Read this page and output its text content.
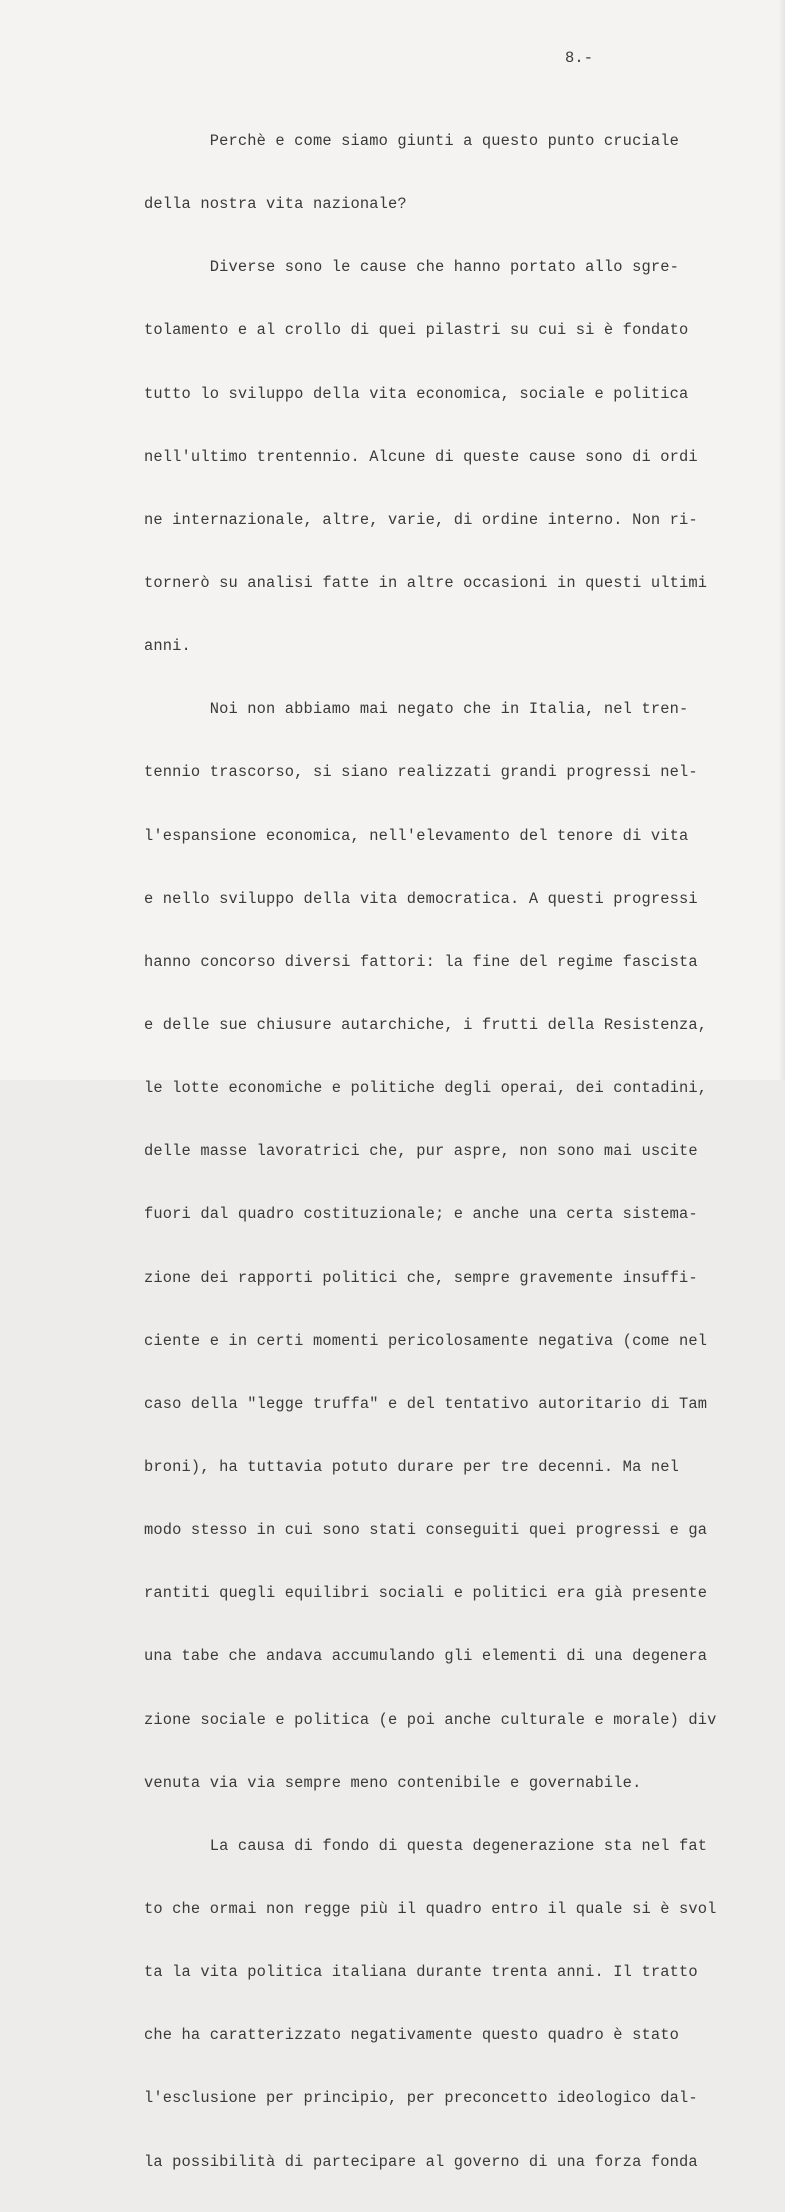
8.-

Perchè e come siamo giunti a questo punto cruciale

della nostra vita nazionale?

Diverse sono le cause che hanno portato allo sgre-

tolamento e al crollo di quei pilastri su cui si è fondato

tutto lo sviluppo della vita economica, sociale e politica

nell'ultimo trentennio. Alcune di queste cause sono di ordi

ne internazionale, altre, varie, di ordine interno. Non ri-

tornerò su analisi fatte in altre occasioni in questi ultimi

anni.

Noi non abbiamo mai negato che in Italia, nel tren-

tennio trascorso, si siano realizzati grandi progressi nel-

l'espansione economica, nell'elevamento del tenore di vita

e nello sviluppo della vita democratica. A questi progressi

hanno concorso diversi fattori: la fine del regime fascista

e delle sue chiusure autarchiche, i frutti della Resistenza,

le lotte economiche e politiche degli operai, dei contadini,

delle masse lavoratrici che, pur aspre, non sono mai uscite

fuori dal quadro costituzionale; e anche una certa sistema-

zione dei rapporti politici che, sempre gravemente insuffi-

ciente e in certi momenti pericolosamente negativa (come nel

caso della "legge truffa" e del tentativo autoritario di Tam

broni), ha tuttavia potuto durare per tre decenni. Ma nel

modo stesso in cui sono stati conseguiti quei progressi e ga

rantiti quegli equilibri sociali e politici era già presente

una tabe che andava accumulando gli elementi di una degenera

zione sociale e politica (e poi anche culturale e morale) div

venuta via via sempre meno contenibile e governabile.

La causa di fondo di questa degenerazione sta nel fat

to che ormai non regge più il quadro entro il quale si è svol

ta la vita politica italiana durante trenta anni. Il tratto

che ha caratterizzato negativamente questo quadro è stato

l'esclusione per principio, per preconcetto ideologico dal-

la possibilità di partecipare al governo di una forza fonda
